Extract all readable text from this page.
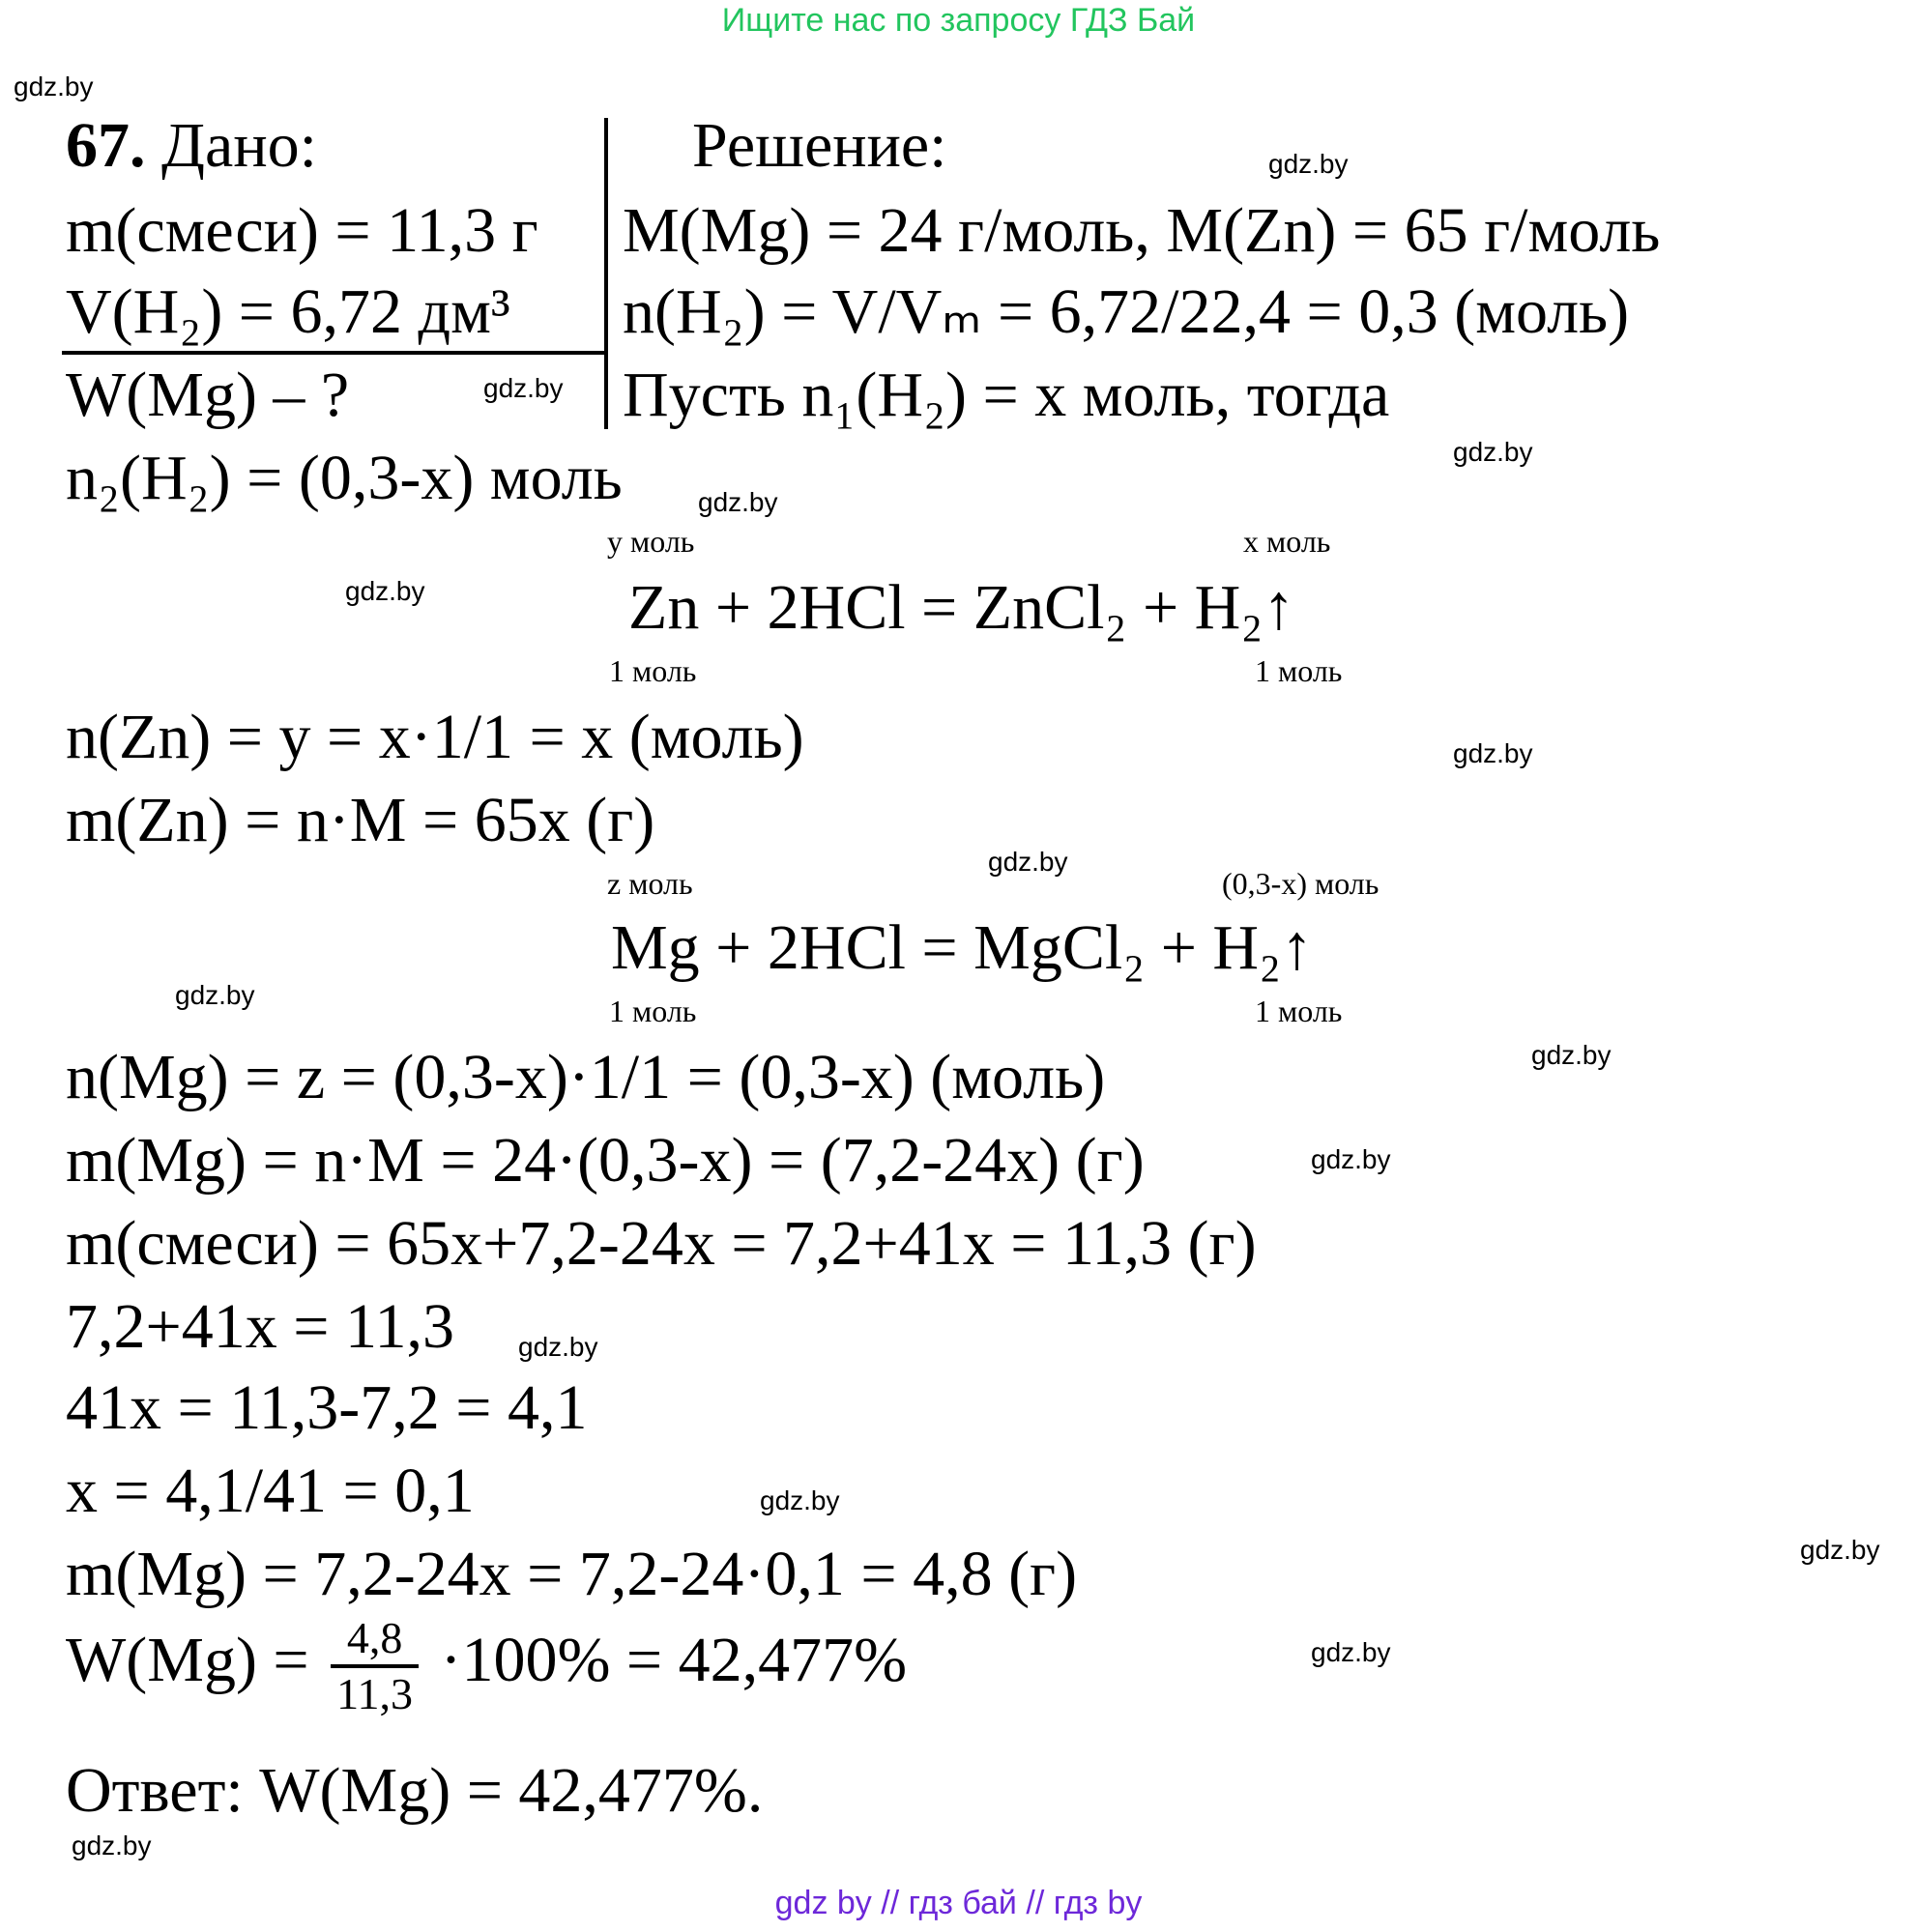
Ищите нас по запросу ГДЗ Бай
gdz.by
gdz.by
gdz.by
gdz.by
gdz.by
gdz.by
gdz.by
gdz.by
gdz.by
gdz.by
gdz.by
gdz.by
gdz.by
gdz.by
gdz.by
gdz.by
67. Дано:
m(смеси) = 11,3 г
V(H₂) = 6,72 дм³
W(Mg) – ?
Решение:
M(Mg) = 24 г/моль, M(Zn) = 65 г/моль
n(H₂) = V/Vₘ = 6,72/22,4 = 0,3 (моль)
Пусть n₁(H₂) = x моль, тогда
n₂(H₂) = (0,3-x) моль
y моль	x моль
Zn + 2HCl = ZnCl₂ + H₂↑
1 моль	1 моль
n(Zn) = y = x·1/1 = x (моль)
m(Zn) = n·M = 65x (г)
z моль	(0,3-x) моль
Mg + 2HCl = MgCl₂ + H₂↑
1 моль	1 моль
n(Mg) = z = (0,3-x)·1/1 = (0,3-x) (моль)
m(Mg) = n·M = 24·(0,3-x) = (7,2-24x) (г)
m(смеси) = 65x+7,2-24x = 7,2+41x = 11,3 (г)
7,2+41x = 11,3
41x = 11,3-7,2 = 4,1
x = 4,1/41 = 0,1
m(Mg) = 7,2-24x = 7,2-24·0,1 = 4,8 (г)
$W(Mg) = \frac{4,8}{11,3} \cdot 100\% = 42,477\%$
Ответ: W(Mg) = 42,477%.
gdz by // гдз бай // гдз by
